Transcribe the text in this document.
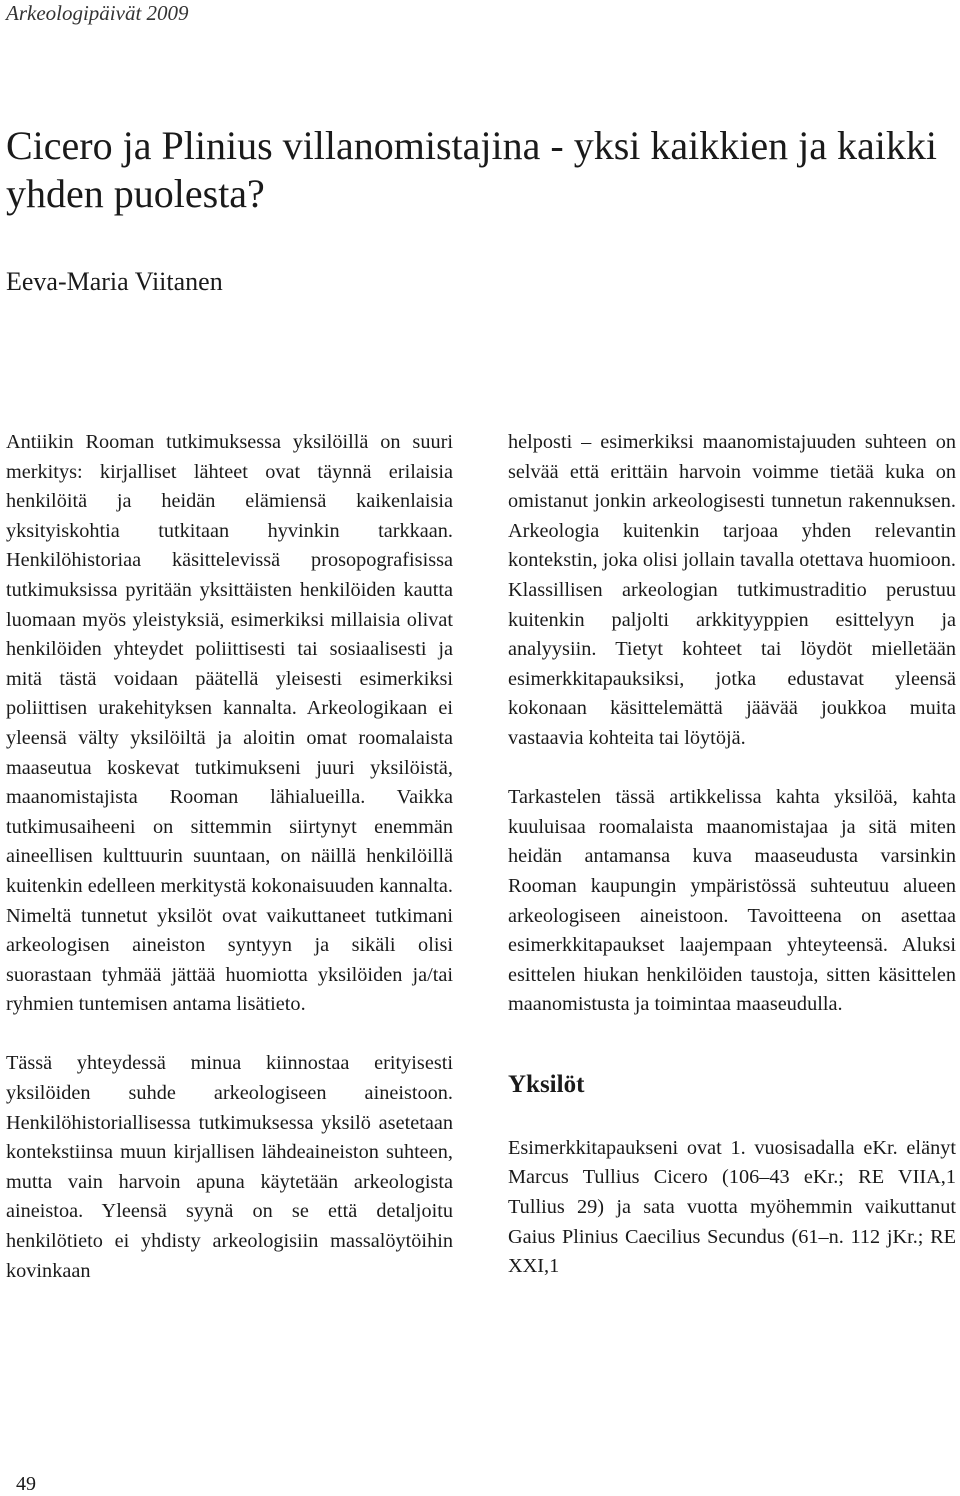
Arkeologipäivät 2009
Cicero ja Plinius villanomistajina - yksi kaikkien ja kaikki yhden puolesta?
Eeva-Maria Viitanen

Antiikin Rooman tutkimuksessa yksilöillä on suuri merkitys: kirjalliset lähteet ovat täynnä erilaisia henkilöitä ja heidän elämiensä kaikenlaisia yksityiskohtia tutkitaan hyvinkin tarkkaan. Henkilöhistoriaa käsittelevissä prosopografisissa tutkimuksissa pyritään yksittäisten henkilöiden kautta luomaan myös yleistyksiä, esimerkiksi millaisia olivat henkilöiden yhteydet poliittisesti tai sosiaalisesti ja mitä tästä voidaan päätellä yleisesti esimerkiksi poliittisen urakehityksen kannalta. Arkeologikaan ei yleensä välty yksilöiltä ja aloitin omat roomalaista maaseutua koskevat tutkimukseni juuri yksilöistä, maanomistajista Rooman lähialueilla. Vaikka tutkimusaiheeni on sittemmin siirtynyt enemmän aineellisen kulttuurin suuntaan, on näillä henkilöillä kuitenkin edelleen merkitystä kokonaisuuden kannalta. Nimeltä tunnetut yksilöt ovat vaikuttaneet tutkimani arkeologisen aineiston syntyyn ja sikäli olisi suorastaan tyhmää jättää huomiotta yksilöiden ja/tai ryhmien tuntemisen antama lisätieto.

Tässä yhteydessä minua kiinnostaa erityisesti yksilöiden suhde arkeologiseen aineistoon. Henkilöhistoriallisessa tutkimuksessa yksilö asetetaan kontekstiinsa muun kirjallisen lähdeaineiston suhteen, mutta vain harvoin apuna käytetään arkeologista aineistoa. Yleensä syynä on se että detaljoitu henkilötieto ei yhdisty arkeologisiin massalöytöihin kovinkaan

helposti – esimerkiksi maanomistajuuden suhteen on selvää että erittäin harvoin voimme tietää kuka on omistanut jonkin arkeologisesti tunnetun rakennuksen. Arkeologia kuitenkin tarjoaa yhden relevantin kontekstin, joka olisi jollain tavalla otettava huomioon. Klassillisen arkeologian tutkimustraditio perustuu kuitenkin paljolti arkkityyppien esittelyyn ja analyysiin. Tietyt kohteet tai löydöt mielletään esimerkkitapauksiksi, jotka edustavat yleensä kokonaan käsittelemättä jäävää joukkoa muita vastaavia kohteita tai löytöjä.

Tarkastelen tässä artikkelissa kahta yksilöä, kahta kuuluisaa roomalaista maanomistajaa ja sitä miten heidän antamansa kuva maaseudusta varsinkin Rooman kaupungin ympäristössä suhteutuu alueen arkeologiseen aineistoon. Tavoitteena on asettaa esimerkkitapaukset laajempaan yhteyteensä. Aluksi esittelen hiukan henkilöiden taustoja, sitten käsittelen maanomistusta ja toimintaa maaseudulla.

Yksilöt

Esimerkkitapaukseni ovat 1. vuosisadalla eKr. elänyt Marcus Tullius Cicero (106–43 eKr.; RE VIIA,1 Tullius 29) ja sata vuotta myöhemmin vaikuttanut Gaius Plinius Caecilius Secundus (61–n. 112 jKr.; RE XXI,1

49
